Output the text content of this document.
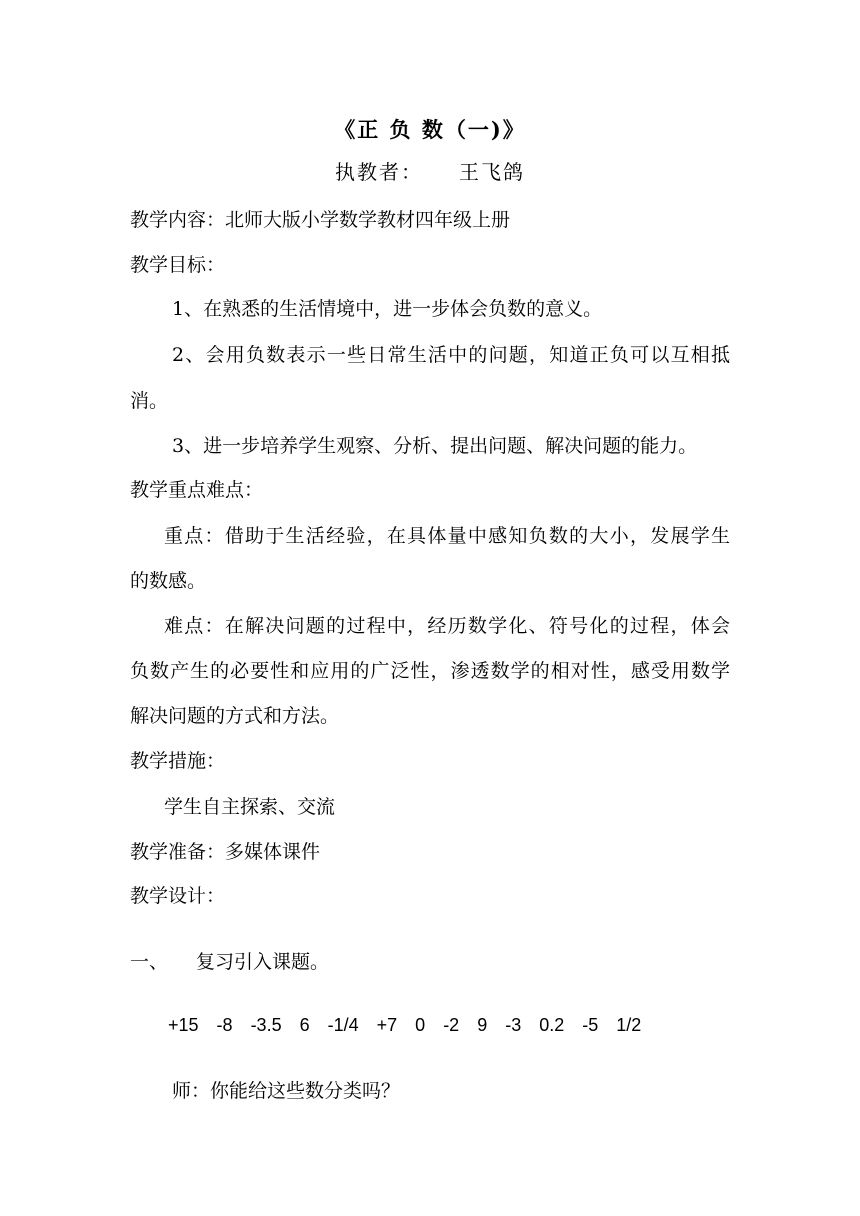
《正 负 数（一)》
执教者： 王飞鸽
教学内容：北师大版小学数学教材四年级上册
教学目标：
1、在熟悉的生活情境中，进一步体会负数的意义。
2、会用负数表示一些日常生活中的问题，知道正负可以互相抵
消。
3、进一步培养学生观察、分析、提出问题、解决问题的能力。
教学重点难点：
重点：借助于生活经验，在具体量中感知负数的大小，发展学生
的数感。
难点：在解决问题的过程中，经历数学化、符号化的过程，体会
负数产生的必要性和应用的广泛性，渗透数学的相对性，感受用数学
解决问题的方式和方法。
教学措施：
学生自主探索、交流
教学准备：多媒体课件
教学设计：
一、 复习引入课题。
+15 -8 -3.5 6 -1/4 +7 0 -2 9 -3 0.2 -5 1/2
师：你能给这些数分类吗？
